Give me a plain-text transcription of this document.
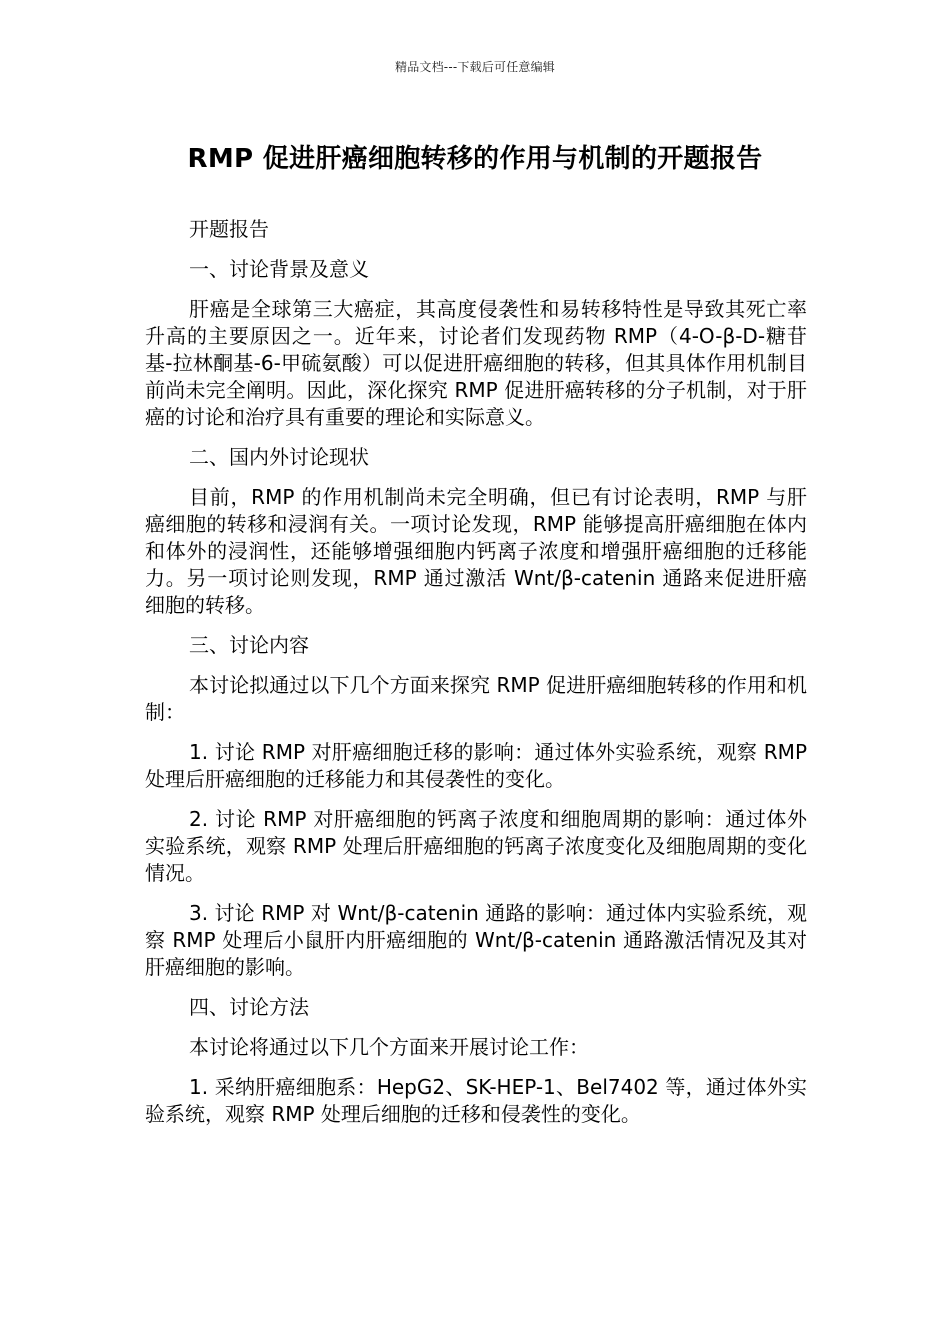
精品文档---下载后可任意编辑
RMP 促进肝癌细胞转移的作用与机制的开题报告

开题报告

一、讨论背景及意义

肝癌是全球第三大癌症，其高度侵袭性和易转移特性是导致其死亡率升高的主要原因之一。近年来，讨论者们发现药物 RMP（4-O-β-D-糖苷基-拉林酮基-6-甲硫氨酸）可以促进肝癌细胞的转移，但其具体作用机制目前尚未完全阐明。因此，深化探究 RMP 促进肝癌转移的分子机制，对于肝癌的讨论和治疗具有重要的理论和实际意义。

二、国内外讨论现状

目前，RMP 的作用机制尚未完全明确，但已有讨论表明，RMP 与肝癌细胞的转移和浸润有关。一项讨论发现，RMP 能够提高肝癌细胞在体内和体外的浸润性，还能够增强细胞内钙离子浓度和增强肝癌细胞的迁移能力。另一项讨论则发现，RMP 通过激活 Wnt/β-catenin 通路来促进肝癌细胞的转移。

三、讨论内容

本讨论拟通过以下几个方面来探究 RMP 促进肝癌细胞转移的作用和机制：

1. 讨论 RMP 对肝癌细胞迁移的影响：通过体外实验系统，观察 RMP 处理后肝癌细胞的迁移能力和其侵袭性的变化。

2. 讨论 RMP 对肝癌细胞的钙离子浓度和细胞周期的影响：通过体外实验系统，观察 RMP 处理后肝癌细胞的钙离子浓度变化及细胞周期的变化情况。

3. 讨论 RMP 对 Wnt/β-catenin 通路的影响：通过体内实验系统，观察 RMP 处理后小鼠肝内肝癌细胞的 Wnt/β-catenin 通路激活情况及其对肝癌细胞的影响。

四、讨论方法

本讨论将通过以下几个方面来开展讨论工作：

1. 采纳肝癌细胞系：HepG2、SK-HEP-1、Bel7402 等，通过体外实验系统，观察 RMP 处理后细胞的迁移和侵袭性的变化。
